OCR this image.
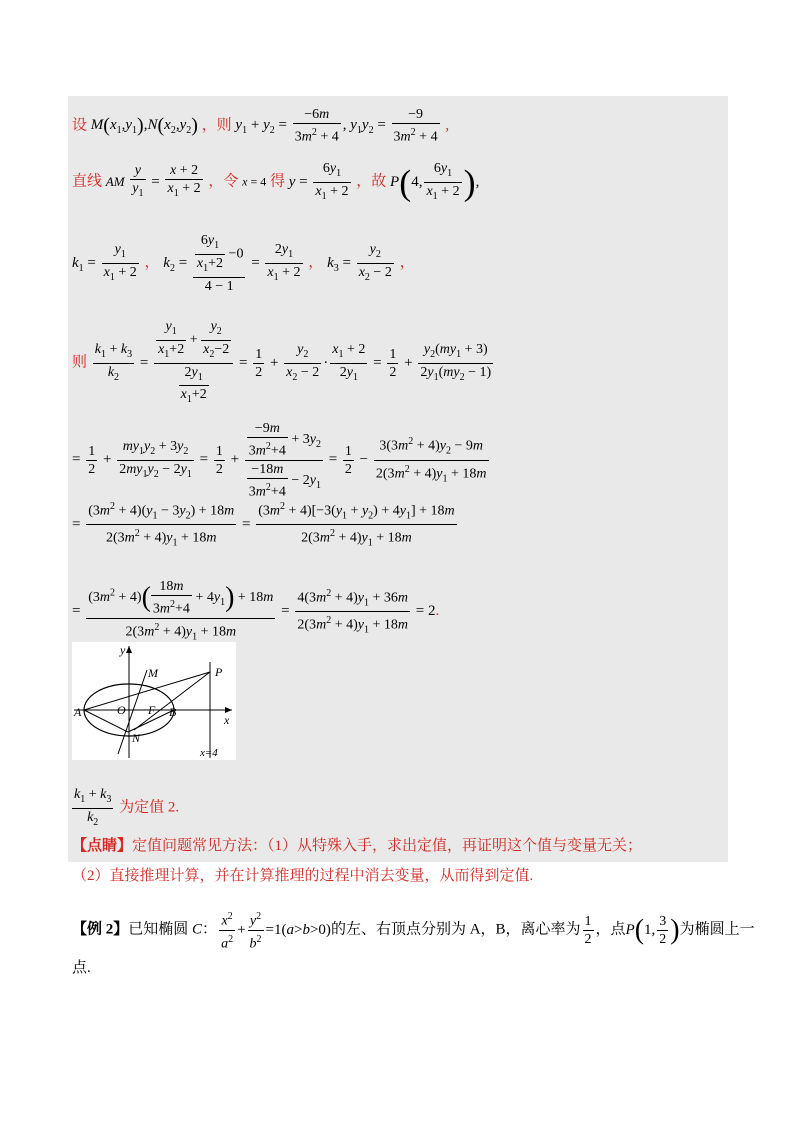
设 $M(x_1,y_1),N(x_2,y_2)$ ，则 $y_1 + y_2 = \frac{-6m}{3m^2 + 4}$ , $y_1y_2 = \frac{-9}{3m^2 + 4}$ ,
直线 AM $\frac{y}{y_1} = \frac{x + 2}{x_1 + 2}$ ，令 x = 4 得 $y = \frac{6y_1}{x_1 + 2}$ ，故 P(4, $\frac{6y_1}{x_1 + 2}$ ),
$k_1 = \frac{y_1}{x_1 + 2}$ ， $k_2 = \frac{\frac{6y_1}{x_1+2} -0}{4 - 1} = \frac{2y_1}{x_1 + 2}$ ， $k_3 = \frac{y_2}{x_2 - 2}$ ，
则 $\frac{k_1 + k_3}{k_2} = \frac{\frac{y_1}{x_1+2} + \frac{y_2}{x_2-2}}{\frac{2y_1}{x_1+2}} = \frac{1}{2} + \frac{y_2}{x_2 - 2} \cdot \frac{x_1 + 2}{2y_1} = \frac{1}{2} + \frac{y_2(my_1 + 3)}{2y_1(my_2 - 1)}$
= $\frac{1}{2} + \frac{my_1y_2 + 3y_2}{2my_1y_2 - 2y_1} = \frac{1}{2} + \frac{\frac{-9m}{3m^2+4} + 3y_2}{\frac{-18m}{3m^2+4} - 2y_1} = \frac{1}{2} - \frac{3(3m^2 + 4)y_2 - 9m}{2(3m^2 + 4)y_1 + 18m}$
= $\frac{(3m^2 + 4)(y_1 - 3y_2) + 18m}{2(3m^2 + 4)y_1 + 18m} = \frac{(3m^2 + 4)[-3(y_1 + y_2) + 4y_1] + 18m}{2(3m^2 + 4)y_1 + 18m}$
= $\frac{(3m^2 + 4)( \frac{18m}{3m^2+4} + 4y_1) + 18m}{2(3m^2 + 4)y_1 + 18m} = \frac{4(3m^2 + 4)y_1 + 36m}{2(3m^2 + 4)y_1 + 18m} = 2$.
y
x
M	P
A	O F B
N
x=4
$\frac{k_1 + k_3}{k_2}$ 为定值 2.
【点睛】定值问题常见方法：（1）从特殊入手，求出定值，再证明这个值与变量无关；
（2）直接推理计算，并在计算推理的过程中消去变量，从而得到定值.
【例 2】已知椭圆 C： $\frac{x^2}{a^2} + \frac{y^2}{b^2} =1(a>b>0)$的左、右顶点分别为 A，B，离心率为 $\frac{1}{2}$ ，点P(1, $\frac{3}{2}$ )为椭圆上一
点.
